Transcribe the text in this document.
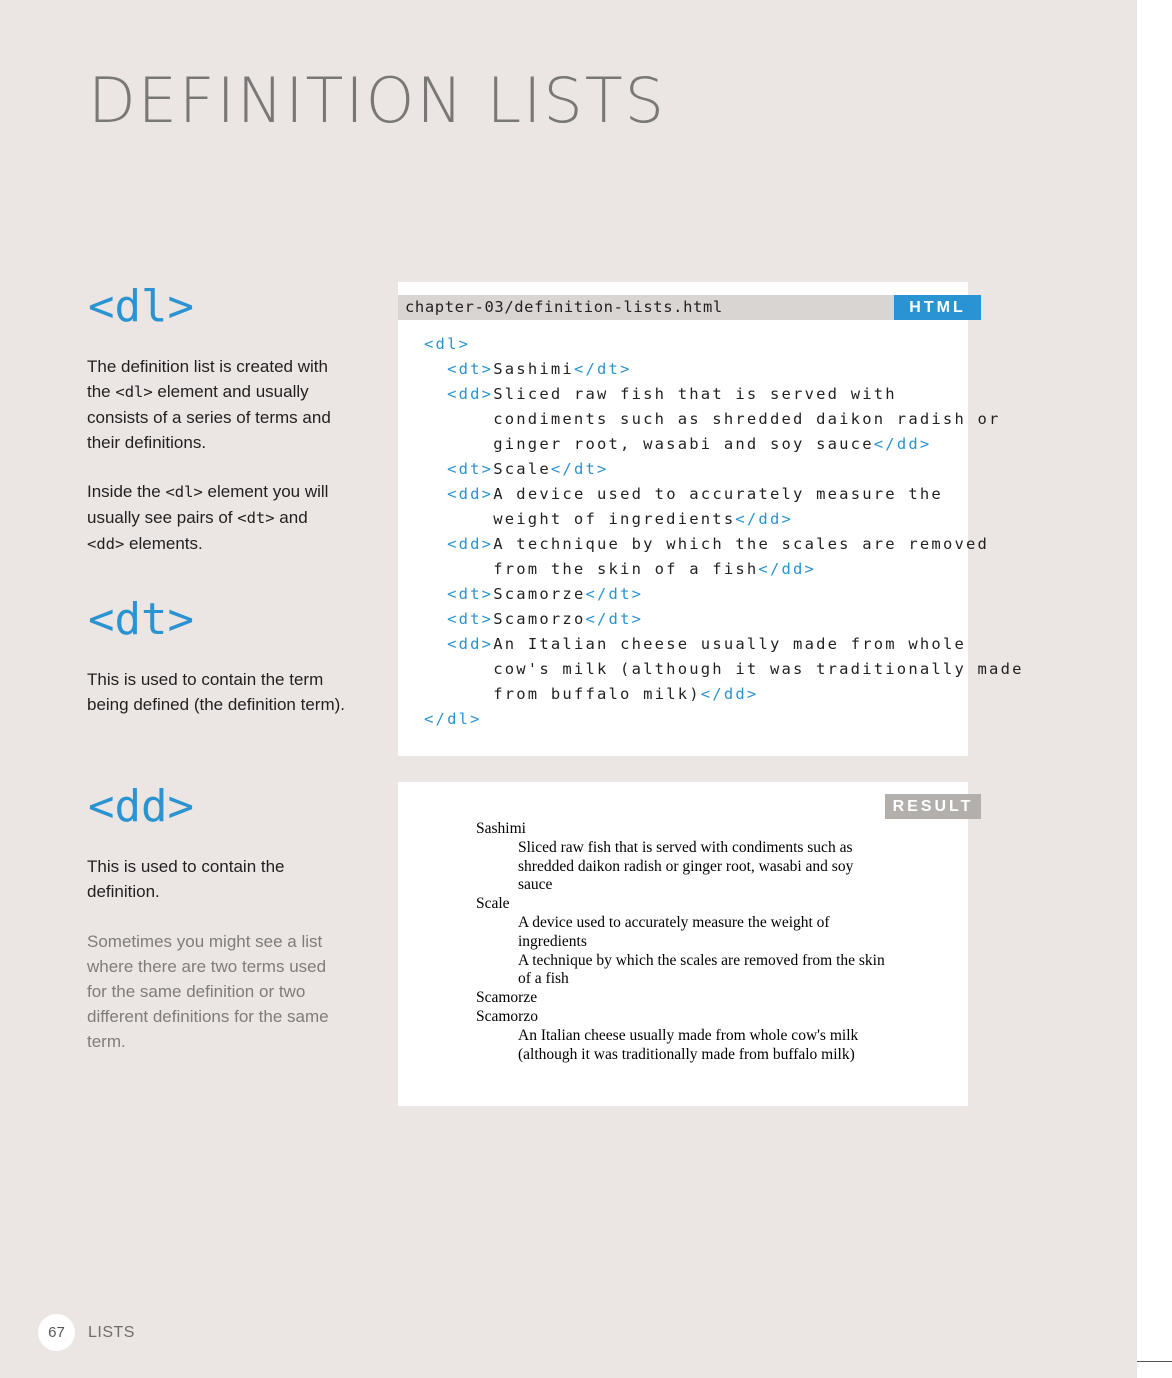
DEFINITION LISTS
<dl>

The definition list is created with the <dl> element and usually consists of a series of terms and their definitions.

Inside the <dl> element you will usually see pairs of <dt> and <dd> elements.

<dt>

This is used to contain the term being defined (the definition term).

<dd>

This is used to contain the definition.

Sometimes you might see a list where there are two terms used for the same definition or two different definitions for the same term.

chapter-03/definition-lists.html	HTML
<dl>
<dt>Sashimi</dt>
<dd>Sliced raw fish that is served with
condiments such as shredded daikon radish or
ginger root, wasabi and soy sauce</dd>
<dt>Scale</dt>
<dd>A device used to accurately measure the
weight of ingredients</dd>
<dd>A technique by which the scales are removed
from the skin of a fish</dd>
<dt>Scamorze</dt>
<dt>Scamorzo</dt>
<dd>An Italian cheese usually made from whole
cow's milk (although it was traditionally made
from buffalo milk)</dd>
</dl>
RESULT
Sashimi
Sliced raw fish that is served with condiments such as shredded daikon radish or ginger root, wasabi and soy sauce
Scale
A device used to accurately measure the weight of ingredients
A technique by which the scales are removed from the skin of a fish
Scamorze
Scamorzo
An Italian cheese usually made from whole cow's milk (although it was traditionally made from buffalo milk)
67	LISTS
